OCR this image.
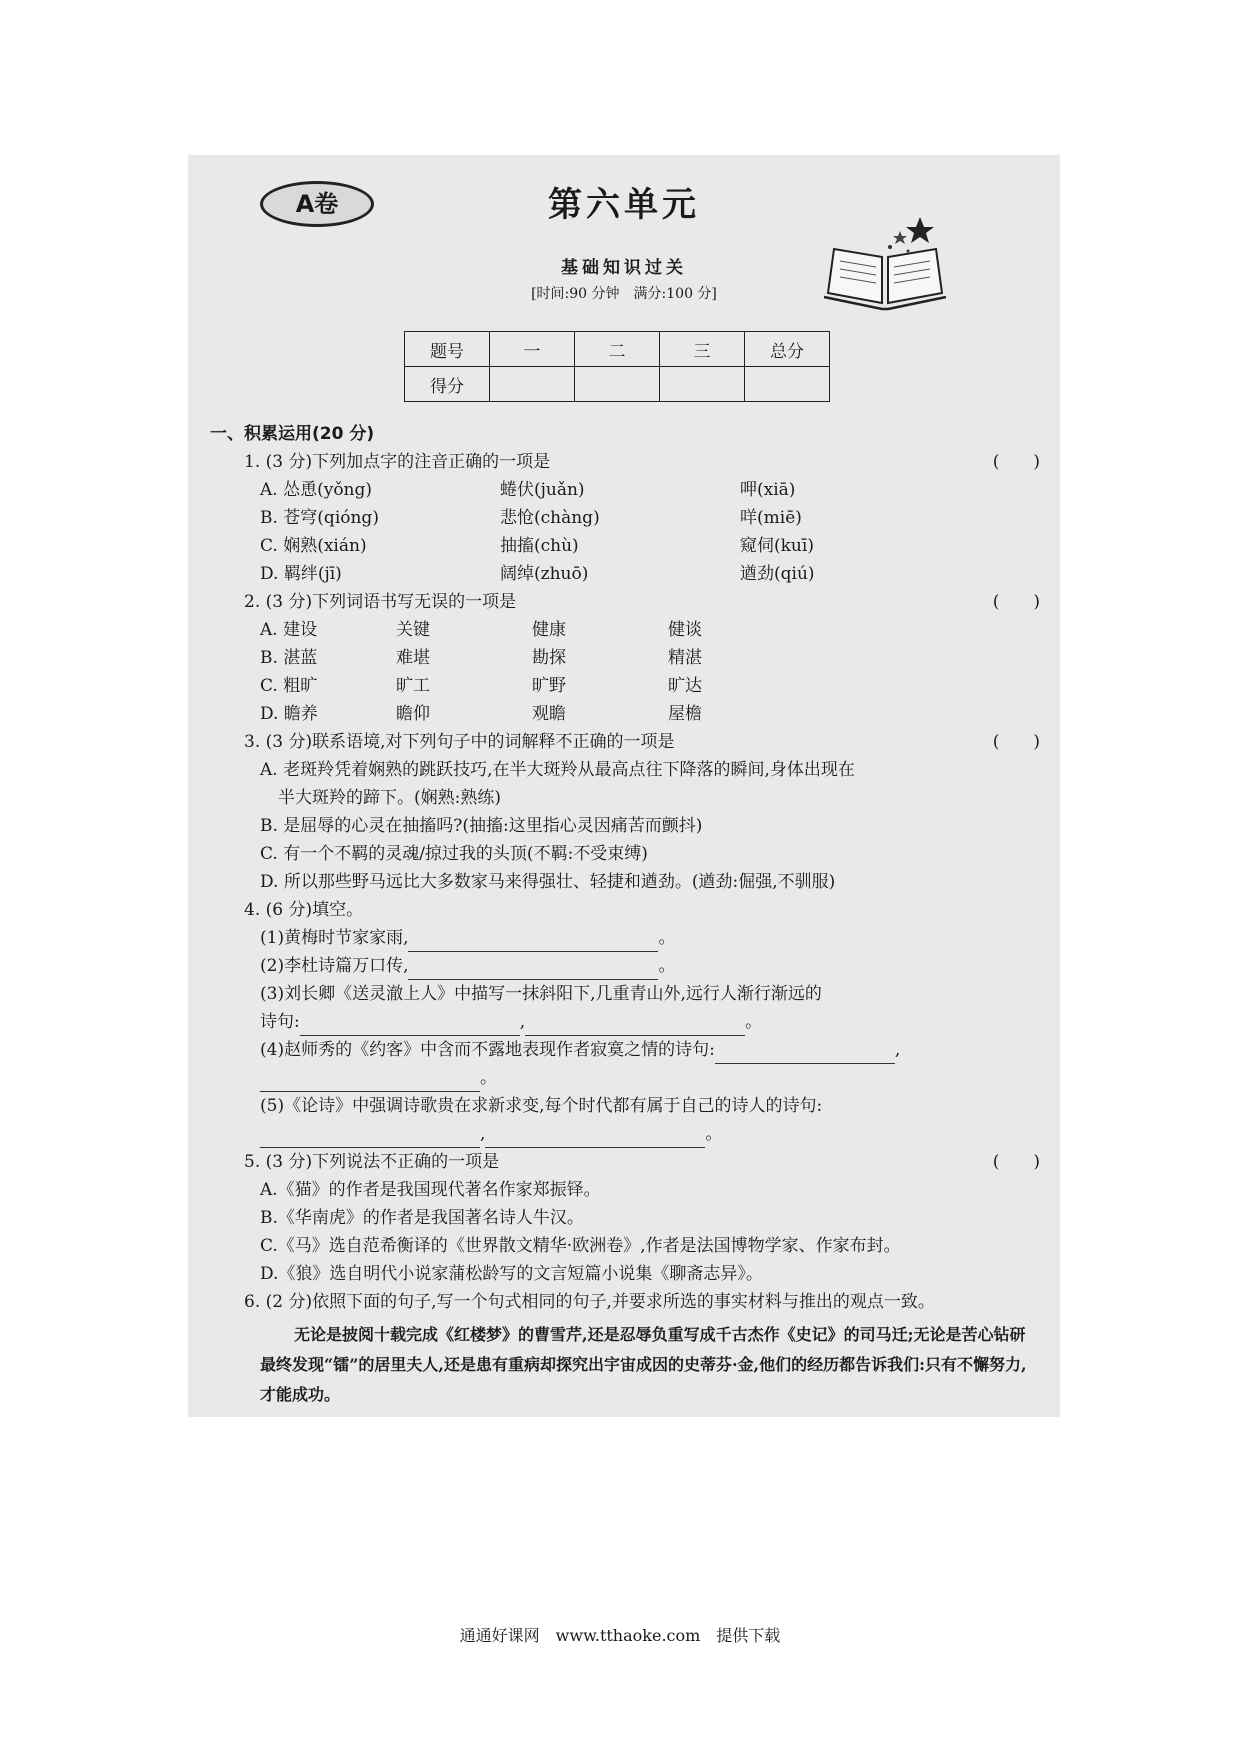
A卷	第六单元
基础知识过关
[时间:90 分钟　满分:100 分]
题号	一	二	三	总分
得分				
一、积累运用(20 分)
1. (3 分)下列加点字的注音正确的一项是	(　　)
A. 怂恿(yǒng)	蜷伏(juǎn)	呷(xiā)
B. 苍穹(qióng)	悲怆(chàng)	咩(miē)
C. 娴熟(xián)	抽搐(chù)	窥伺(kuī)
D. 羁绊(jī)	阔绰(zhuō)	遒劲(qiú)
2. (3 分)下列词语书写无误的一项是	(　　)
A. 建设	关键	健康	健谈
B. 湛蓝	难堪	勘探	精湛
C. 粗旷	旷工	旷野	旷达
D. 瞻养	瞻仰	观瞻	屋檐
3. (3 分)联系语境,对下列句子中的词解释不正确的一项是	(　　)
A. 老斑羚凭着娴熟的跳跃技巧,在半大斑羚从最高点往下降落的瞬间,身体出现在
半大斑羚的蹄下。(娴熟:熟练)
B. 是屈辱的心灵在抽搐吗?(抽搐:这里指心灵因痛苦而颤抖)
C. 有一个不羁的灵魂/掠过我的头顶(不羁:不受束缚)
D. 所以那些野马远比大多数家马来得强壮、轻捷和遒劲。(遒劲:倔强,不驯服)
4. (6 分)填空。
(1)黄梅时节家家雨,	。
(2)李杜诗篇万口传,	。
(3)刘长卿《送灵澈上人》中描写一抹斜阳下,几重青山外,远行人渐行渐远的
诗句:	,	。
(4)赵师秀的《约客》中含而不露地表现作者寂寞之情的诗句:	,
。
(5)《论诗》中强调诗歌贵在求新求变,每个时代都有属于自己的诗人的诗句:
,	。
5. (3 分)下列说法不正确的一项是	(　　)
A.《猫》的作者是我国现代著名作家郑振铎。
B.《华南虎》的作者是我国著名诗人牛汉。
C.《马》选自范希衡译的《世界散文精华·欧洲卷》,作者是法国博物学家、作家布封。
D.《狼》选自明代小说家蒲松龄写的文言短篇小说集《聊斋志异》。
6. (2 分)依照下面的句子,写一个句式相同的句子,并要求所选的事实材料与推出的观点一致。
无论是披阅十载完成《红楼梦》的曹雪芹,还是忍辱负重写成千古杰作《史记》的司马迁;无论是苦心钻研最终发现“镭”的居里夫人,还是患有重病却探究出宇宙成因的史蒂芬·金,他们的经历都告诉我们:只有不懈努力,才能成功。
通通好课网　www.tthaoke.com　提供下载
